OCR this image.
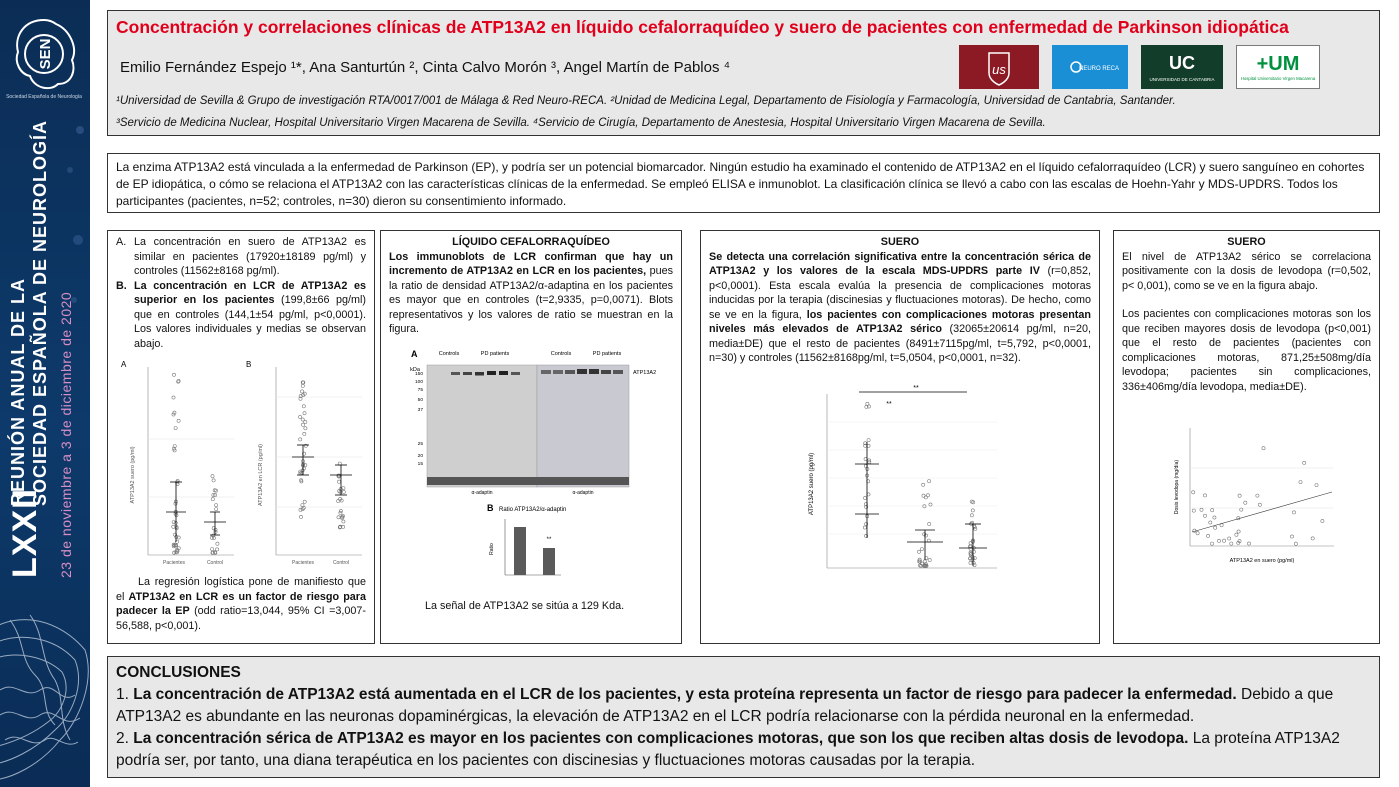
SEN
Sociedad Española de Neurología
LXXII
REUNIÓN ANUAL DE LA SOCIEDAD ESPAÑOLA DE NEUROLOGÍA 23 de noviembre a 3 de diciembre de 2020
Concentración y correlaciones clínicas de ATP13A2 en líquido cefalorraquídeo y suero de pacientes con enfermedad de Parkinson idiopática
Emilio Fernández Espejo ¹*, Ana Santurtún ², Cinta Calvo Morón ³, Angel Martín de Pablos ⁴
¹Universidad de Sevilla & Grupo de investigación RTA/0017/001 de Málaga & Red Neuro-RECA. ²Unidad de Medicina Legal, Departamento de Fisiología y Farmacología, Universidad de Cantabria, Santander.
³Servicio de Medicina Nuclear, Hospital Universitario Virgen Macarena de Sevilla. ⁴Servicio de Cirugía, Departamento de Anestesia, Hospital Universitario Virgen Macarena de Sevilla.
us	NEURO RECA	UC
UNIVERSIDAD DE CANTABRIA
+UM
Hospital Universitario Virgen Macarena
La enzima ATP13A2 está vinculada a la enfermedad de Parkinson (EP), y podría ser un potencial biomarcador. Ningún estudio ha examinado el contenido de ATP13A2 en el líquido cefalorraquídeo (LCR) y suero sanguíneo en cohortes de EP idiopática, o cómo se relaciona el ATP13A2 con las características clínicas de la enfermedad. Se empleó ELISA e inmunoblot. La clasificación clínica se llevó a cabo con las escalas de Hoehn-Yahr y MDS-UPDRS. Todos los participantes (pacientes, n=52; controles, n=30) dieron su consentimiento informado.
A. La concentración en suero de ATP13A2 es similar en pacientes (17920±18189 pg/ml) y controles (11562±8168 pg/ml).
B. La concentración en LCR de ATP13A2 es superior en los pacientes (199,8±66 pg/ml) que en controles (144,1±54 pg/ml, p<0,0001). Los valores individuales y medias se observan abajo.
A	B
ATP13A2 suero (pg/ml)
Pacientes	Control
ATP13A2 en LCR (pg/ml)
Pacientes	Control
La regresión logística pone de manifiesto que el ATP13A2 en LCR es un factor de riesgo para padecer la EP (odd ratio=13,044, 95% CI =3,007-56,588, p<0,001).
LÍQUIDO CEFALORRAQUÍDEO
Los immunoblots de LCR confirman que hay un incremento de ATP13A2 en LCR en los pacientes, pues la ratio de densidad ATP13A2/α-adaptina en los pacientes es mayor que en controles (t=2,9335, p=0,0071). Blots representativos y los valores de ratio se muestran en la figura.
A	Controls	PD patients	Controls	PD patients
kDa
150
100
75
50
37
25
20
15
ATP13A2
α-adaptin	α-adaptin
B Ratio ATP13A2/α-adaptin
Ratio
**
La señal de ATP13A2 se sitúa a 129 Kda.
SUERO
Se detecta una correlación significativa entre la concentración sérica de ATP13A2 y los valores de la escala MDS-UPDRS parte IV (r=0,852, p<0,0001). Esta escala evalúa la presencia de complicaciones motoras inducidas por la terapia (discinesias y fluctuaciones motoras). De hecho, como se ve en la figura, los pacientes con complicaciones motoras presentan niveles más elevados de ATP13A2 sérico (32065±20614 pg/ml, n=20, media±DE) que el resto de pacientes (8491±7115pg/ml, t=5,792, p<0,0001, n=30) y controles (11562±8168pg/ml, t=5,0504, p<0,0001, n=32).
**
**
ATP13A2 suero (pg/ml)
SUERO
El nivel de ATP13A2 sérico se correlaciona positivamente con la dosis de levodopa (r=0,502, p< 0,001), como se ve en la figura abajo.
Los pacientes con complicaciones motoras son los que reciben mayores dosis de levodopa (p<0,001) que el resto de pacientes (pacientes con complicaciones motoras, 871,25±508mg/día levodopa; pacientes sin complicaciones, 336±406mg/día levodopa, media±DE).
Dosis levodopa (mg/día)
ATP13A2 en suero (pg/ml)
CONCLUSIONES
1. La concentración de ATP13A2 está aumentada en el LCR de los pacientes, y esta proteína representa un factor de riesgo para padecer la enfermedad. Debido a que ATP13A2 es abundante en las neuronas dopaminérgicas, la elevación de ATP13A2 en el LCR podría relacionarse con la pérdida neuronal en la enfermedad.
2. La concentración sérica de ATP13A2 es mayor en los pacientes con complicaciones motoras, que son los que reciben altas dosis de levodopa. La proteína ATP13A2 podría ser, por tanto, una diana terapéutica en los pacientes con discinesias y fluctuaciones motoras causadas por la terapia.
